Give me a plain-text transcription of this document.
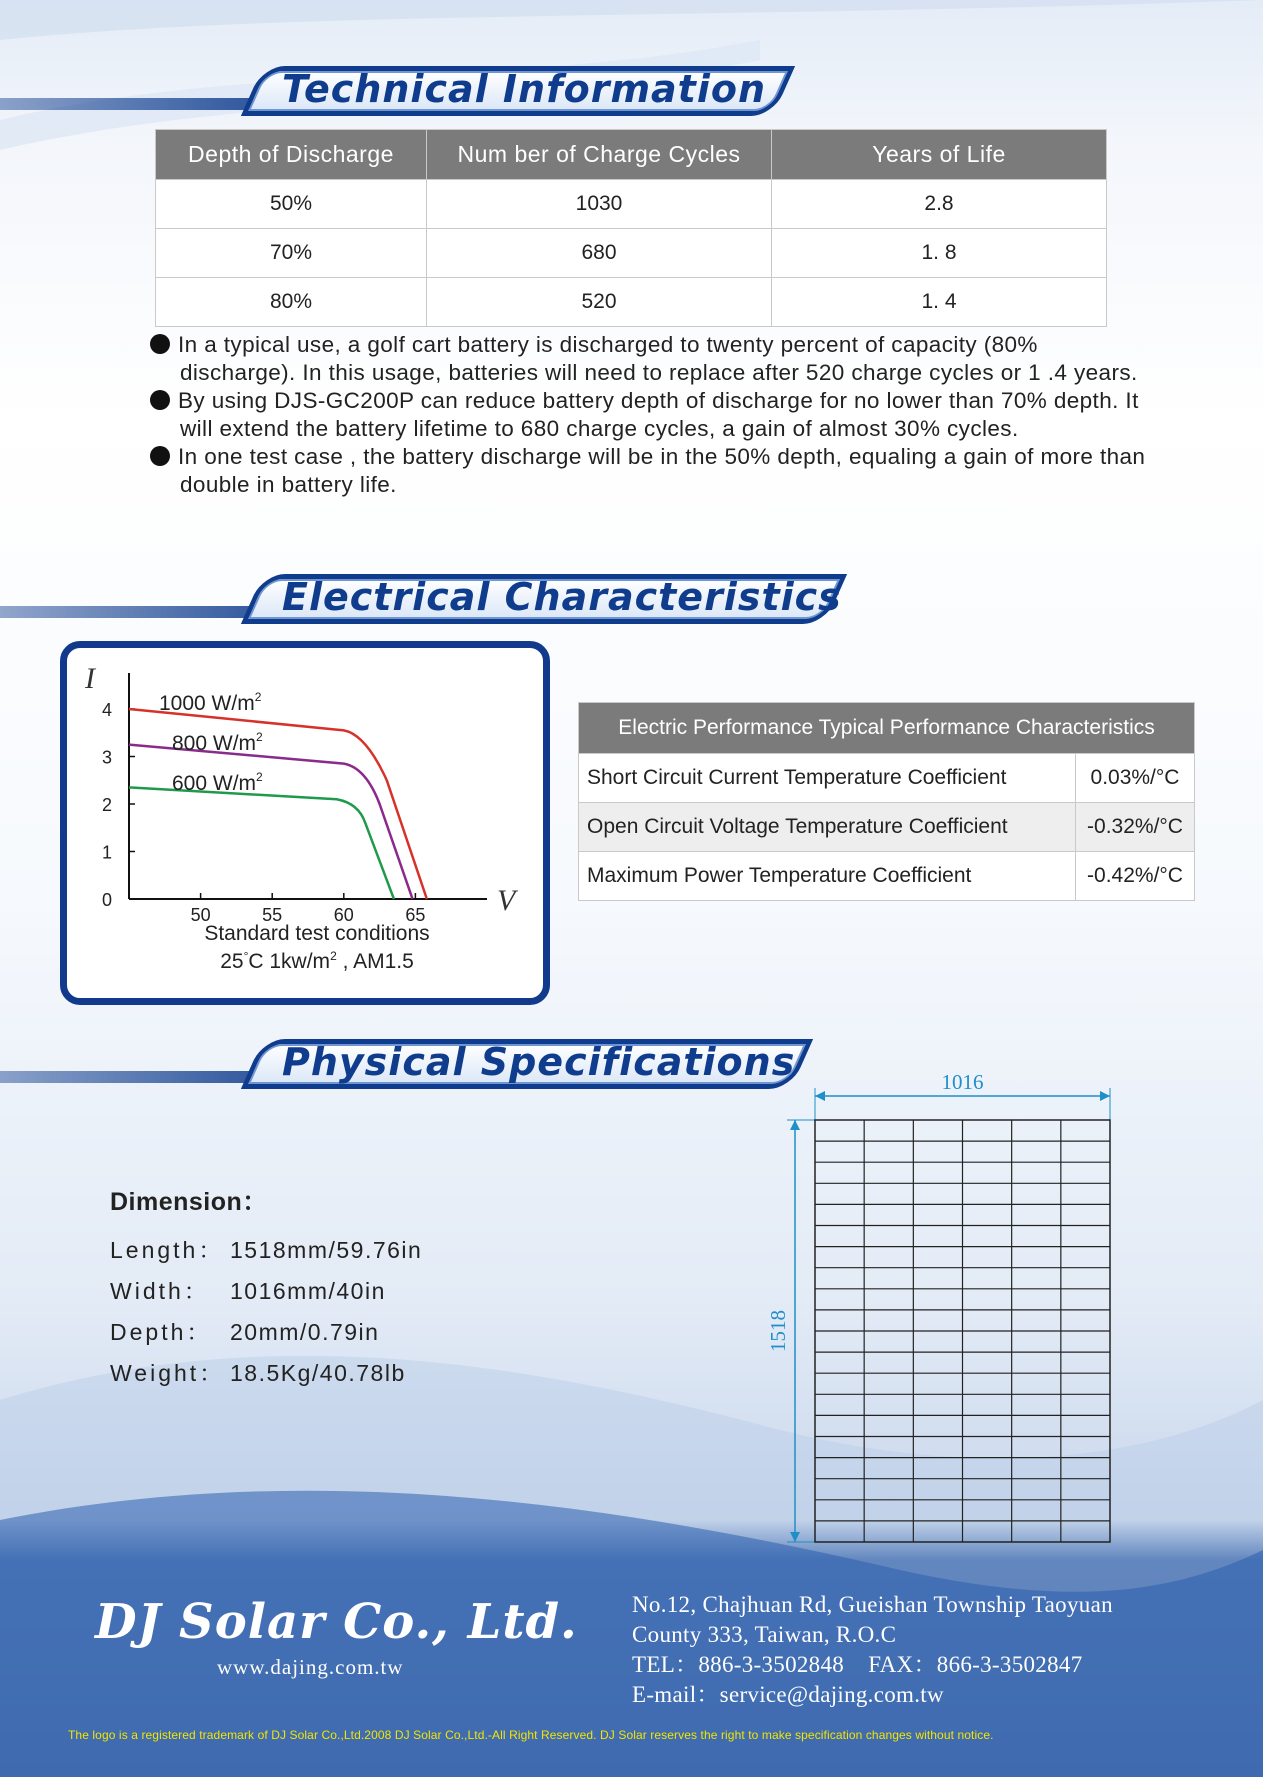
Technical Information
Depth of Discharge	Num ber of Charge Cycles	Years of Life
50%	1030	2.8
70%	680	1. 8
80%	520	1. 4

In a typical use, a golf cart battery is discharged to twenty percent of capacity (80% discharge). In this usage, batteries will need to replace after 520 charge cycles or 1 .4 years.

By using DJS-GC200P can reduce battery depth of discharge for no lower than 70% depth. It will extend the battery lifetime to 680 charge cycles, a gain of almost 30% cycles.

In one test case , the battery discharge will be in the 50% depth, equaling a gain of more than double in battery life.

Electrical Characteristics
I
V
4
3
2
1
0
50	55	60	65
1000 $W/m^2$
800 $W/m^2$
600 $W/m^2$
Standard test conditions
25°C $1kw/m^2$ , AM1.5
Electric Performance Typical Performance Characteristics	
Short Circuit Current Temperature Coefficient	0.03%/°C
Open Circuit Voltage Temperature Coefficient	-0.32%/°C
Maximum Power Temperature Coefficient	-0.42%/°C
Physical Specifications
Dimension：
Length： 1518mm/59.76in
Width： 1016mm/40in
Depth： 20mm/0.79in
Weight： 18.5Kg/40.78lb
1016
1518
DJ Solar Co., Ltd.
www.dajing.com.tw
No.12, Chajhuan Rd, Gueishan Township Taoyuan
County 333, Taiwan, R.O.C
TEL：886-3-3502848    FAX：866-3-3502847
E-mail：service@dajing.com.tw
The logo is a registered trademark of DJ Solar Co.,Ltd.2008 DJ Solar Co.,Ltd.-All Right Reserved. DJ Solar reserves the right to make specification changes without notice.
